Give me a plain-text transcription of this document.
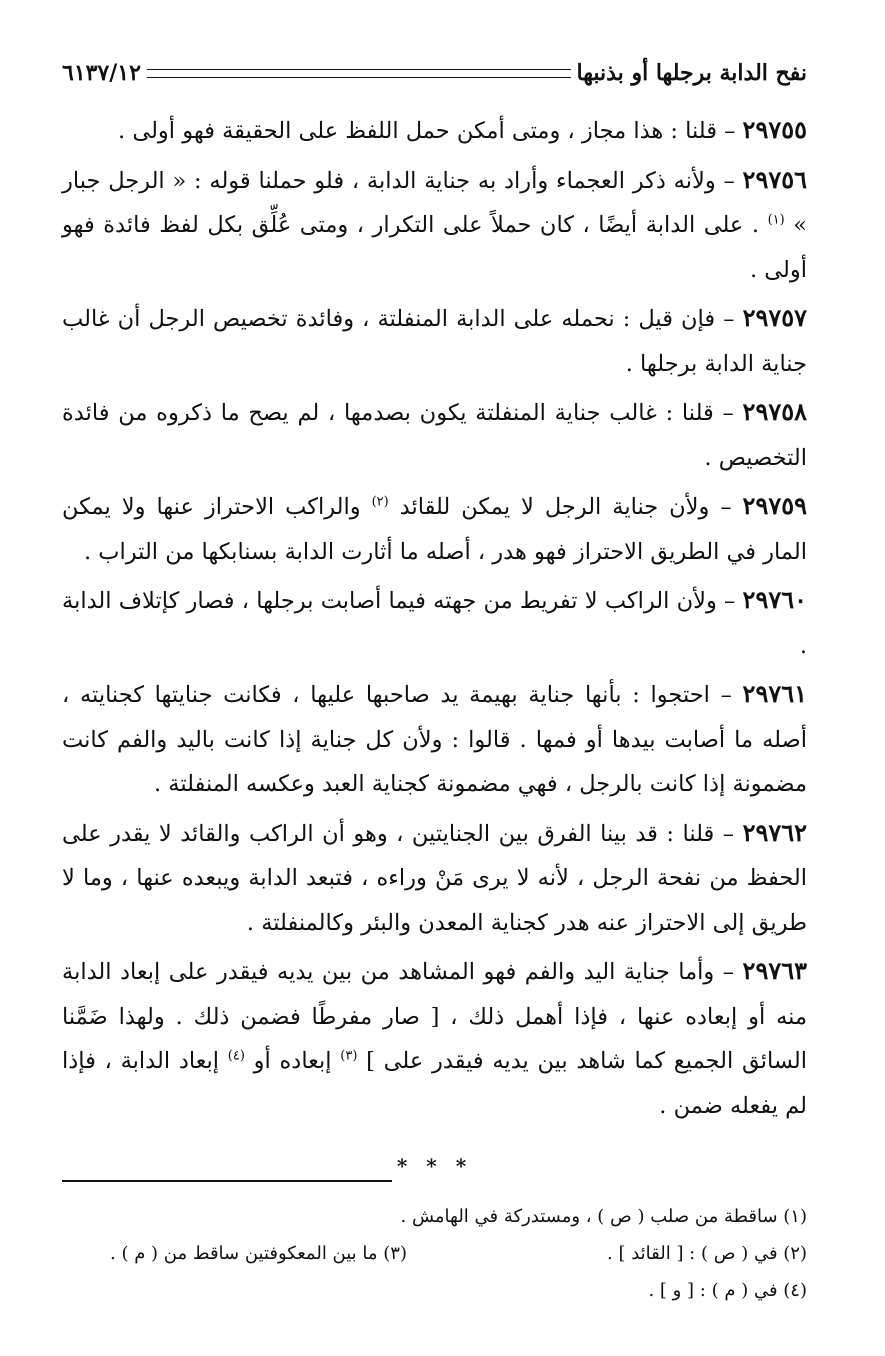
نفح الدابة برجلها أو بذنبها
٦١٣٧/١٢

٢٩٧٥٥ – قلنا : هذا مجاز ، ومتى أمكن حمل اللفظ على الحقيقة فهو أولى .

٢٩٧٥٦ – ولأنه ذكر العجماء وأراد به جناية الدابة ، فلو حملنا قوله : « الرجل جبار » $^{(١)}$ . على الدابة أيضًا ، كان حملاً على التكرار ، ومتى عُلِّق بكل لفظ فائدة فهو أولى .

٢٩٧٥٧ – فإن قيل : نحمله على الدابة المنفلتة ، وفائدة تخصيص الرجل أن غالب جناية الدابة برجلها .

٢٩٧٥٨ – قلنا : غالب جناية المنفلتة يكون بصدمها ، لم يصح ما ذكروه من فائدة التخصيص .

٢٩٧٥٩ – ولأن جناية الرجل لا يمكن للقائد $^{(٢)}$ والراكب الاحتراز عنها ولا يمكن المار في الطريق الاحتراز فهو هدر ، أصله ما أثارت الدابة بسنابكها من التراب .

٢٩٧٦٠ – ولأن الراكب لا تفريط من جهته فيما أصابت برجلها ، فصار كإتلاف الدابة .

٢٩٧٦١ – احتجوا : بأنها جناية بهيمة يد صاحبها عليها ، فكانت جنايتها كجنايته ، أصله ما أصابت بيدها أو فمها . قالوا : ولأن كل جناية إذا كانت باليد والفم كانت مضمونة إذا كانت بالرجل ، فهي مضمونة كجناية العبد وعكسه المنفلتة .

٢٩٧٦٢ – قلنا : قد بينا الفرق بين الجنايتين ، وهو أن الراكب والقائد لا يقدر على الحفظ من نفحة الرجل ، لأنه لا يرى مَنْ وراءه ، فتبعد الدابة ويبعده عنها ، وما لا طريق إلى الاحتراز عنه هدر كجناية المعدن والبئر وكالمنفلتة .

٢٩٧٦٣ – وأما جناية اليد والفم فهو المشاهد من بين يديه فيقدر على إبعاد الدابة منه أو إبعاده عنها ، فإذا أهمل ذلك ، [ صار مفرطًا فضمن ذلك . ولهذا ضَمَّنا السائق الجميع كما شاهد بين يديه فيقدر على ] $^{(٣)}$ إبعاده أو $^{(٤)}$ إبعاد الدابة ، فإذا لم يفعله ضمن .

* * *
(١) ساقطة من صلب ( ص ) ، ومستدركة في الهامش .
(٢) في ( ص ) : [ القائد ] .
(٣) ما بين المعكوفتين ساقط من ( م ) .
(٤) في ( م ) : [ و ] .
